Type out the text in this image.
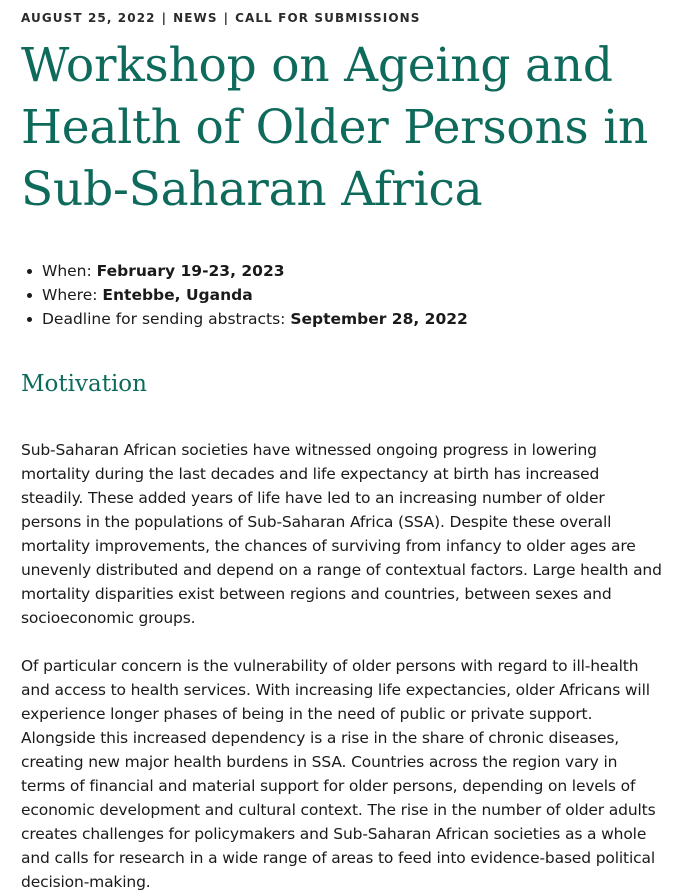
AUGUST 25, 2022 | NEWS | CALL FOR SUBMISSIONS
Workshop on Ageing and Health of Older Persons in Sub-Saharan Africa
When: February 19-23, 2023
Where: Entebbe, Uganda
Deadline for sending abstracts: September 28, 2022
Motivation

Sub-Saharan African societies have witnessed ongoing progress in lowering mortality during the last decades and life expectancy at birth has increased steadily. These added years of life have led to an increasing number of older persons in the populations of Sub-Saharan Africa (SSA). Despite these overall mortality improvements, the chances of surviving from infancy to older ages are unevenly distributed and depend on a range of contextual factors. Large health and mortality disparities exist between regions and countries, between sexes and socioeconomic groups.

Of particular concern is the vulnerability of older persons with regard to ill-health and access to health services. With increasing life expectancies, older Africans will experience longer phases of being in the need of public or private support. Alongside this increased dependency is a rise in the share of chronic diseases, creating new major health burdens in SSA. Countries across the region vary in terms of financial and material support for older persons, depending on levels of economic development and cultural context. The rise in the number of older adults creates challenges for policymakers and Sub-Saharan African societies as a whole and calls for research in a wide range of areas to feed into evidence-based political decision-making.
